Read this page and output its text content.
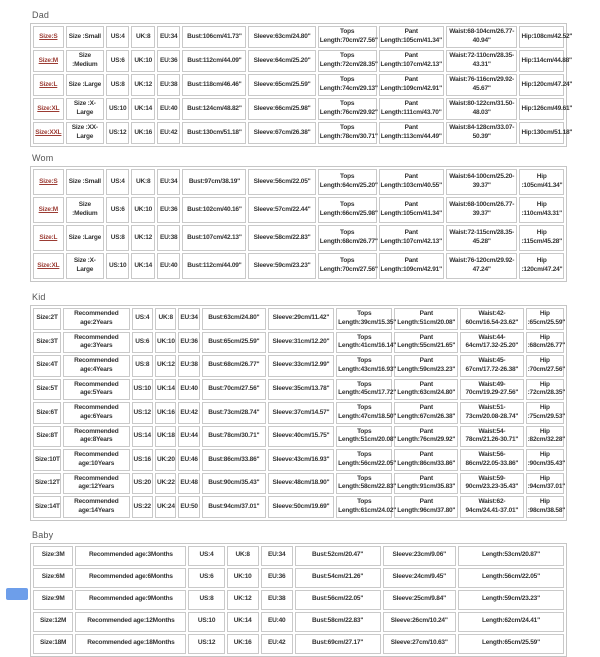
Dad
Size:S	Size :Small	US:4	UK:8	EU:34	Bust:106cm/41.73"	Sleeve:63cm/24.80"	Tops Length:70cm/27.56"	Pant Length:105cm/41.34"	Waist:68-104cm/26.77-40.94"	Hip:108cm/42.52"
Size:M	Size :Medium	US:6	UK:10	EU:36	Bust:112cm/44.09"	Sleeve:64cm/25.20"	Tops Length:72cm/28.35"	Pant Length:107cm/42.13"	Waist:72-110cm/28.35-43.31"	Hip:114cm/44.88"
Size:L	Size :Large	US:8	UK:12	EU:38	Bust:118cm/46.46"	Sleeve:65cm/25.59"	Tops Length:74cm/29.13"	Pant Length:109cm/42.91"	Waist:76-116cm/29.92-45.67"	Hip:120cm/47.24"
Size:XL	Size :X-Large	US:10	UK:14	EU:40	Bust:124cm/48.82"	Sleeve:66cm/25.98"	Tops Length:76cm/29.92"	Pant Length:111cm/43.70"	Waist:80-122cm/31.50-48.03"	Hip:126cm/49.61"
Size:XXL	Size :XX-Large	US:12	UK:16	EU:42	Bust:130cm/51.18"	Sleeve:67cm/26.38"	Tops Length:78cm/30.71"	Pant Length:113cm/44.49"	Waist:84-128cm/33.07-50.39"	Hip:130cm/51.18"
Wom
Size:S	Size :Small	US:4	UK:8	EU:34	Bust:97cm/38.19"	Sleeve:56cm/22.05"	Tops Length:64cm/25.20"	Pant Length:103cm/40.55"	Waist:64-100cm/25.20-39.37"	Hip :105cm/41.34"
Size:M	Size :Medium	US:6	UK:10	EU:36	Bust:102cm/40.16"	Sleeve:57cm/22.44"	Tops Length:66cm/25.98"	Pant Length:105cm/41.34"	Waist:68-100cm/26.77-39.37"	Hip :110cm/43.31"
Size:L	Size :Large	US:8	UK:12	EU:38	Bust:107cm/42.13"	Sleeve:58cm/22.83"	Tops Length:68cm/26.77"	Pant Length:107cm/42.13"	Waist:72-115cm/28.35-45.28"	Hip :115cm/45.28"
Size:XL	Size :X-Large	US:10	UK:14	EU:40	Bust:112cm/44.09"	Sleeve:59cm/23.23"	Tops Length:70cm/27.56"	Pant Length:109cm/42.91"	Waist:76-120cm/29.92-47.24"	Hip :120cm/47.24"
Kid
Size:2T	Recommended age:2Years	US:4	UK:8	EU:34	Bust:63cm/24.80"	Sleeve:29cm/11.42"	Tops Length:39cm/15.35"	Pant Length:51cm/20.08"	Waist:42-60cm/16.54-23.62"	Hip :65cm/25.59"
Size:3T	Recommended age:3Years	US:6	UK:10	EU:36	Bust:65cm/25.59"	Sleeve:31cm/12.20"	Tops Length:41cm/16.14"	Pant Length:55cm/21.65"	Waist:44-64cm/17.32-25.20"	Hip :68cm/26.77"
Size:4T	Recommended age:4Years	US:8	UK:12	EU:38	Bust:68cm/26.77"	Sleeve:33cm/12.99"	Tops Length:43cm/16.93"	Pant Length:59cm/23.23"	Waist:45-67cm/17.72-26.38"	Hip :70cm/27.56"
Size:5T	Recommended age:5Years	US:10	UK:14	EU:40	Bust:70cm/27.56"	Sleeve:35cm/13.78"	Tops Length:45cm/17.72"	Pant Length:63cm/24.80"	Waist:49-70cm/19.29-27.56"	Hip :72cm/28.35"
Size:6T	Recommended age:6Years	US:12	UK:16	EU:42	Bust:73cm/28.74"	Sleeve:37cm/14.57"	Tops Length:47cm/18.50"	Pant Length:67cm/26.38"	Waist:51-73cm/20.08-28.74"	Hip :75cm/29.53"
Size:8T	Recommended age:8Years	US:14	UK:18	EU:44	Bust:78cm/30.71"	Sleeve:40cm/15.75"	Tops Length:51cm/20.08"	Pant Length:76cm/29.92"	Waist:54-78cm/21.26-30.71"	Hip :82cm/32.28"
Size:10T	Recommended age:10Years	US:16	UK:20	EU:46	Bust:86cm/33.86"	Sleeve:43cm/16.93"	Tops Length:56cm/22.05"	Pant Length:86cm/33.86"	Waist:56-86cm/22.05-33.86"	Hip :90cm/35.43"
Size:12T	Recommended age:12Years	US:20	UK:22	EU:48	Bust:90cm/35.43"	Sleeve:48cm/18.90"	Tops Length:58cm/22.83"	Pant Length:91cm/35.83"	Waist:59-90cm/23.23-35.43"	Hip :94cm/37.01"
Size:14T	Recommended age:14Years	US:22	UK:24	EU:50	Bust:94cm/37.01"	Sleeve:50cm/19.69"	Tops Length:61cm/24.02"	Pant Length:96cm/37.80"	Waist:62-94cm/24.41-37.01"	Hip :98cm/38.58"
Baby
Size:3M	Recommended age:3Months	US:4	UK:8	EU:34	Bust:52cm/20.47"	Sleeve:23cm/9.06"	Length:53cm/20.87"
Size:6M	Recommended age:6Months	US:6	UK:10	EU:36	Bust:54cm/21.26"	Sleeve:24cm/9.45"	Length:56cm/22.05"
Size:9M	Recommended age:9Months	US:8	UK:12	EU:38	Bust:56cm/22.05"	Sleeve:25cm/9.84"	Length:59cm/23.23"
Size:12M	Recommended age:12Months	US:10	UK:14	EU:40	Bust:58cm/22.83"	Sleeve:26cm/10.24"	Length:62cm/24.41"
Size:18M	Recommended age:18Months	US:12	UK:16	EU:42	Bust:69cm/27.17"	Sleeve:27cm/10.63"	Length:65cm/25.59"
